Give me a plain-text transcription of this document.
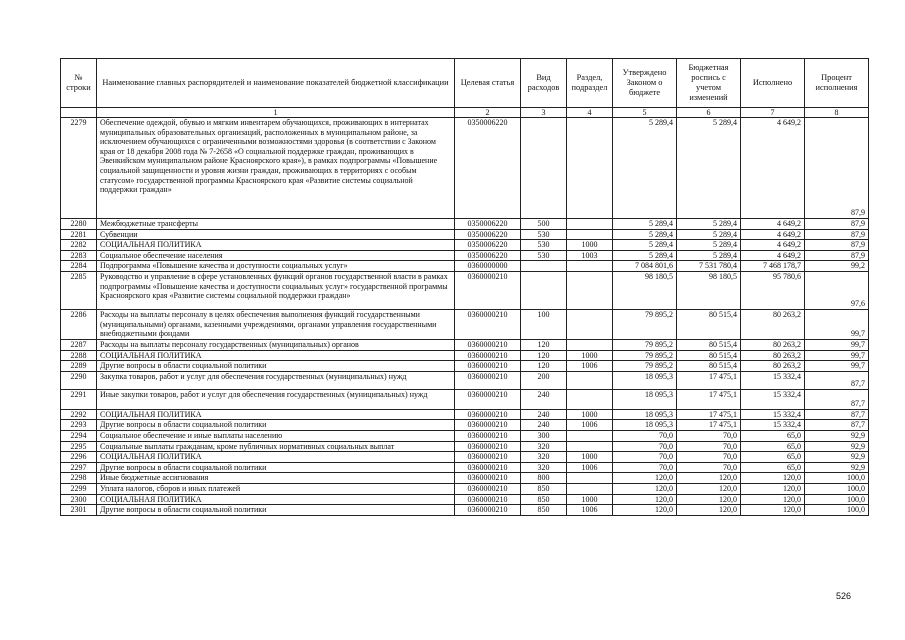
№ строки	Наименование главных распорядителей и наименование показателей бюджетной классификации	Целевая статья	Вид расходов	Раздел, подраздел	Утверждено Законом о бюджете	Бюджетная роспись с учетом изменений	Исполнено	Процент исполнения
	1	2	3	4	5	6	7	8
2279	Обеспечение одеждой, обувью и мягким инвентарем обучающихся, проживающих в интернатах муниципальных образовательных организаций, расположенных в муниципальном районе, за исключением обучающихся с ограниченными возможностями здоровья (в соответствии с Законом края от 18 декабря 2008 года № 7-2658 «О социальной поддержке граждан, проживающих в Эвенкийском муниципальном районе Красноярского края»), в рамках подпрограммы «Повышение социальной защищенности и уровня жизни граждан, проживающих в территориях с особым статусом» государственной программы Красноярского края «Развитие системы социальной поддержки граждан»	0350006220			5 289,4	5 289,4	4 649,2	87,9
2280	Межбюджетные трансферты	0350006220	500		5 289,4	5 289,4	4 649,2	87,9
2281	Субвенции	0350006220	530		5 289,4	5 289,4	4 649,2	87,9
2282	СОЦИАЛЬНАЯ ПОЛИТИКА	0350006220	530	1000	5 289,4	5 289,4	4 649,2	87,9
2283	Социальное обеспечение населения	0350006220	530	1003	5 289,4	5 289,4	4 649,2	87,9
2284	Подпрограмма «Повышение качества и доступности социальных услуг»	0360000000			7 084 801,6	7 531 780,4	7 468 178,7	99,2
2285	Руководство и управление в сфере установленных функций органов государственной власти в рамках подпрограммы «Повышение качества и доступности социальных услуг» государственной программы Красноярского края «Развитие системы социальной поддержки граждан»	0360000210			98 180,5	98 180,5	95 780,6	97,6
2286	Расходы на выплаты персоналу в целях обеспечения выполнения функций государственными (муниципальными) органами, казенными учреждениями, органами управления государственными внебюджетными фондами	0360000210	100		79 895,2	80 515,4	80 263,2	99,7
2287	Расходы на выплаты персоналу государственных (муниципальных) органов	0360000210	120		79 895,2	80 515,4	80 263,2	99,7
2288	СОЦИАЛЬНАЯ ПОЛИТИКА	0360000210	120	1000	79 895,2	80 515,4	80 263,2	99,7
2289	Другие вопросы в области социальной политики	0360000210	120	1006	79 895,2	80 515,4	80 263,2	99,7
2290	Закупка товаров, работ и услуг для обеспечения государственных (муниципальных) нужд	0360000210	200		18 095,3	17 475,1	15 332,4	87,7
2291	Иные закупки товаров, работ и услуг для обеспечения государственных (муниципальных) нужд	0360000210	240		18 095,3	17 475,1	15 332,4	87,7
2292	СОЦИАЛЬНАЯ ПОЛИТИКА	0360000210	240	1000	18 095,3	17 475,1	15 332,4	87,7
2293	Другие вопросы в области социальной политики	0360000210	240	1006	18 095,3	17 475,1	15 332,4	87,7
2294	Социальное обеспечение и иные выплаты населению	0360000210	300		70,0	70,0	65,0	92,9
2295	Социальные выплаты гражданам, кроме публичных нормативных социальных выплат	0360000210	320		70,0	70,0	65,0	92,9
2296	СОЦИАЛЬНАЯ ПОЛИТИКА	0360000210	320	1000	70,0	70,0	65,0	92,9
2297	Другие вопросы в области социальной политики	0360000210	320	1006	70,0	70,0	65,0	92,9
2298	Иные бюджетные ассигнования	0360000210	800		120,0	120,0	120,0	100,0
2299	Уплата налогов, сборов и иных платежей	0360000210	850		120,0	120,0	120,0	100,0
2300	СОЦИАЛЬНАЯ ПОЛИТИКА	0360000210	850	1000	120,0	120,0	120,0	100,0
2301	Другие вопросы в области социальной политики	0360000210	850	1006	120,0	120,0	120,0	100,0
526
